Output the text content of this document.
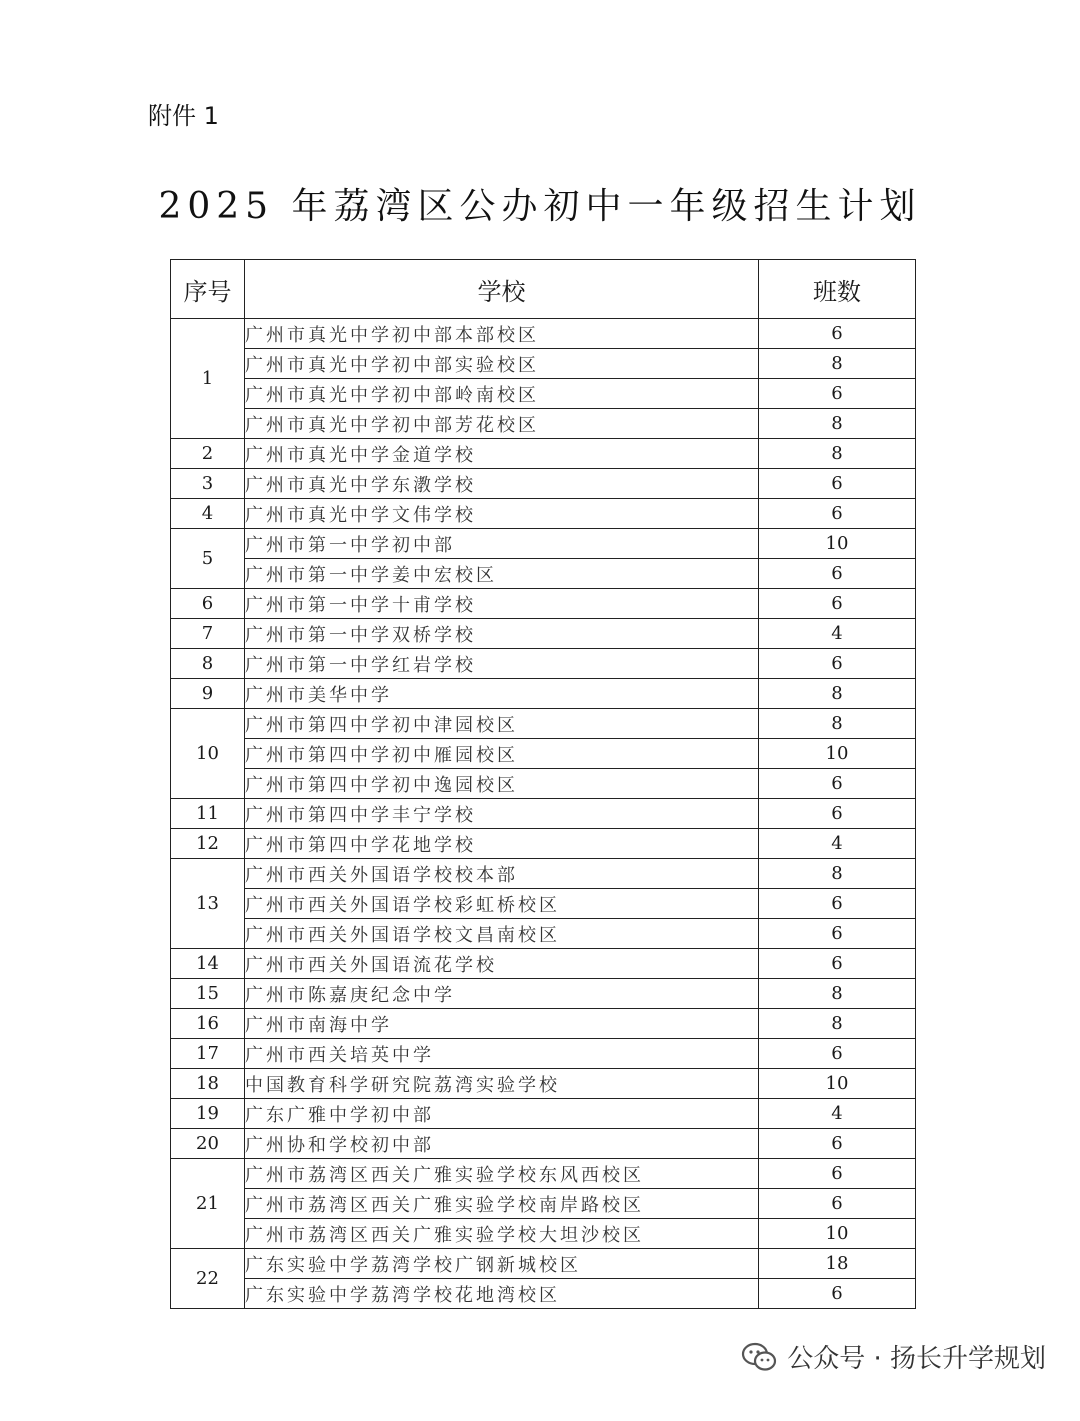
附件 1
2025 年荔湾区公办初中一年级招生计划
序号	学校	班数
1	广州市真光中学初中部本部校区	6
	广州市真光中学初中部实验校区	8
	广州市真光中学初中部岭南校区	6
	广州市真光中学初中部芳花校区	8
2	广州市真光中学金道学校	8
3	广州市真光中学东漖学校	6
4	广州市真光中学文伟学校	6
5	广州市第一中学初中部	10
	广州市第一中学姜中宏校区	6
6	广州市第一中学十甫学校	6
7	广州市第一中学双桥学校	4
8	广州市第一中学红岩学校	6
9	广州市美华中学	8
10	广州市第四中学初中津园校区	8
	广州市第四中学初中雁园校区	10
	广州市第四中学初中逸园校区	6
11	广州市第四中学丰宁学校	6
12	广州市第四中学花地学校	4
13	广州市西关外国语学校校本部	8
	广州市西关外国语学校彩虹桥校区	6
	广州市西关外国语学校文昌南校区	6
14	广州市西关外国语流花学校	6
15	广州市陈嘉庚纪念中学	8
16	广州市南海中学	8
17	广州市西关培英中学	6
18	中国教育科学研究院荔湾实验学校	10
19	广东广雅中学初中部	4
20	广州协和学校初中部	6
21	广州市荔湾区西关广雅实验学校东风西校区	6
	广州市荔湾区西关广雅实验学校南岸路校区	6
	广州市荔湾区西关广雅实验学校大坦沙校区	10
22	广东实验中学荔湾学校广钢新城校区	18
	广东实验中学荔湾学校花地湾校区	6
公众号 · 扬长升学规划
